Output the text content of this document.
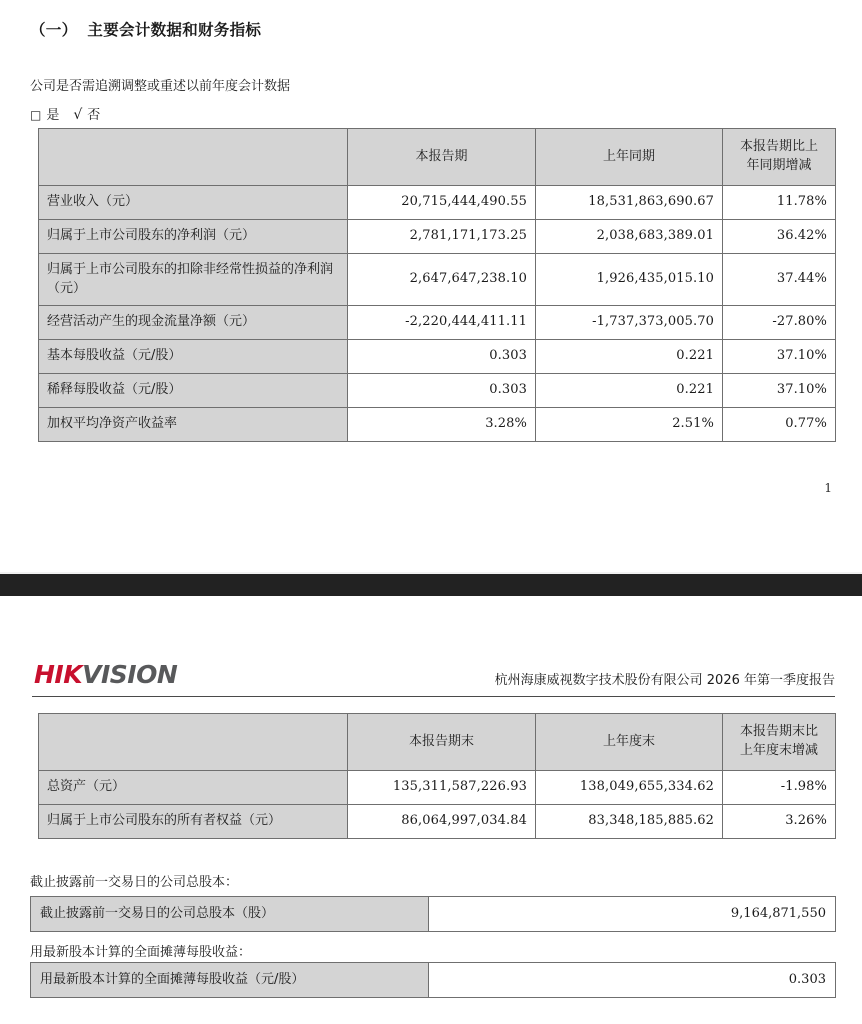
（一） 主要会计数据和财务指标
公司是否需追溯调整或重述以前年度会计数据
□ 是 √ 否
	本报告期	上年同期	本报告期比上
年同期增减
营业收入（元）	20,715,444,490.55	18,531,863,690.67	11.78%
归属于上市公司股东的净利润（元）	2,781,171,173.25	2,038,683,389.01	36.42%
归属于上市公司股东的扣除非经常性损益的净利润（元）	2,647,647,238.10	1,926,435,015.10	37.44%
经营活动产生的现金流量净额（元）	-2,220,444,411.11	-1,737,373,005.70	-27.80%
基本每股收益（元/股）	0.303	0.221	37.10%
稀释每股收益（元/股）	0.303	0.221	37.10%
加权平均净资产收益率	3.28%	2.51%	0.77%
1
HIKVISION	杭州海康威视数字技术股份有限公司 2026 年第一季度报告
	本报告期末	上年度末	本报告期末比
上年度末增减
总资产（元）	135,311,587,226.93	138,049,655,334.62	-1.98%
归属于上市公司股东的所有者权益（元）	86,064,997,034.84	83,348,185,885.62	3.26%
截止披露前一交易日的公司总股本：
截止披露前一交易日的公司总股本（股）	9,164,871,550
用最新股本计算的全面摊薄每股收益：
用最新股本计算的全面摊薄每股收益（元/股）	0.303
